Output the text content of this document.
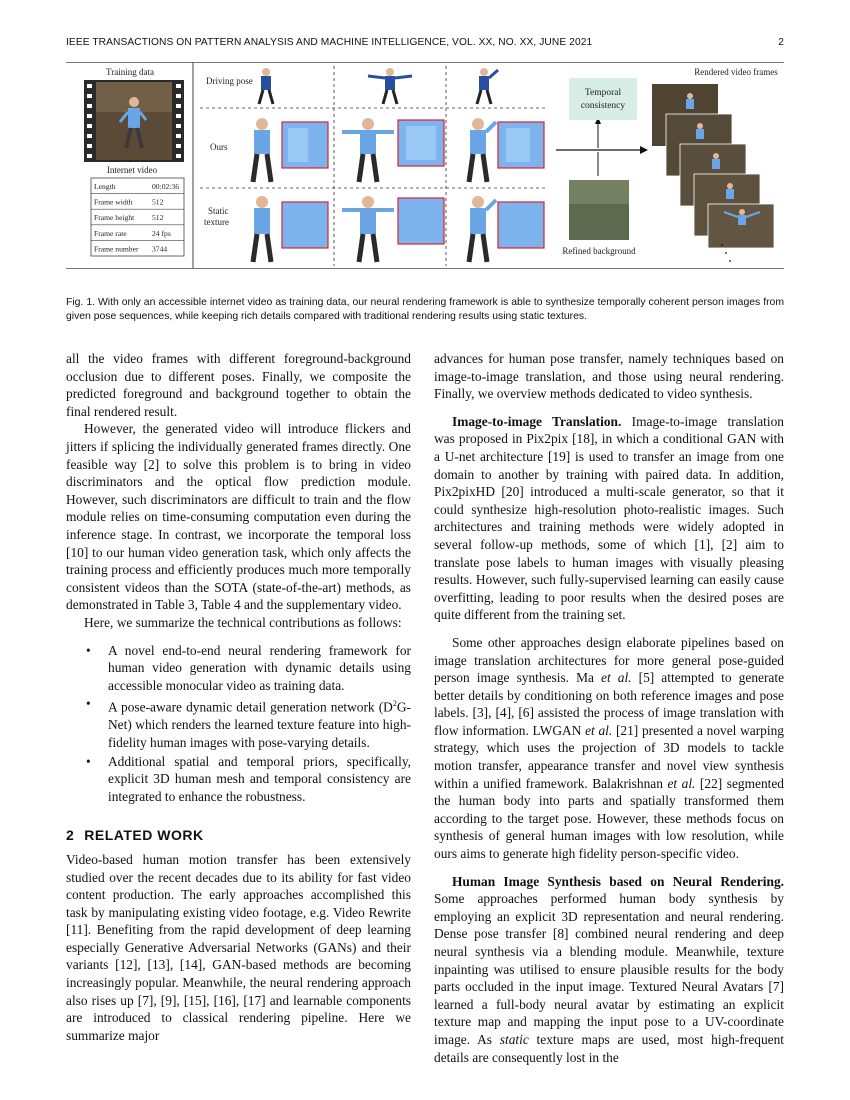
IEEE TRANSACTIONS ON PATTERN ANALYSIS AND MACHINE INTELLIGENCE, VOL. XX, NO. XX, JUNE 2021	2
Training data
Internet video
Length	00:02:36
Frame width	512
Frame height 512
Frame rate	24 fps
Frame number 3744
Driving pose
Ours
Static
texture
Temporal
consistency
Refined background
Rendered video frames
Fig. 1. With only an accessible internet video as training data, our neural rendering framework is able to synthesize temporally coherent person images from given pose sequences, while keeping rich details compared with traditional rendering results using static textures.

all the video frames with different foreground-background occlusion due to different poses. Finally, we composite the predicted foreground and background together to obtain the final rendered result.

However, the generated video will introduce flickers and jitters if splicing the individually generated frames directly. One feasible way [2] to solve this problem is to bring in video discriminators and the optical flow prediction module. However, such discriminators are difficult to train and the flow module relies on time-consuming computation even during the inference stage. In contrast, we incorporate the temporal loss [10] to our human video generation task, which only affects the training process and efficiently produces much more temporally consistent videos than the SOTA (state-of-the-art) methods, as demonstrated in Table 3, Table 4 and the supplementary video.

Here, we summarize the technical contributions as follows:

• A novel end-to-end neural rendering framework for human video generation with dynamic details using accessible monocular video as training data.
• A pose-aware dynamic detail generation network $(D^2G-Net)$ which renders the learned texture feature into high-fidelity human images with pose-varying details.
• Additional spatial and temporal priors, specifically, explicit 3D human mesh and temporal consistency are integrated to enhance the robustness.
2 RELATED WORK

Video-based human motion transfer has been extensively studied over the recent decades due to its ability for fast video content production. The early approaches accomplished this task by manipulating existing video footage, e.g. Video Rewrite [11]. Benefiting from the rapid development of deep learning especially Generative Adversarial Networks (GANs) and their variants [12], [13], [14], GAN-based methods are becoming increasingly popular. Meanwhile, the neural rendering approach also rises up [7], [9], [15], [16], [17] and learnable components are introduced to classical rendering pipeline. Here we summarize major

advances for human pose transfer, namely techniques based on image-to-image translation, and those using neural rendering. Finally, we overview methods dedicated to video synthesis.

Image-to-image Translation. Image-to-image translation was proposed in Pix2pix [18], in which a conditional GAN with a U-net architecture [19] is used to transfer an image from one domain to another by training with paired data. In addition, Pix2pixHD [20] introduced a multi-scale generator, so that it could synthesize high-resolution photo-realistic images. Such architectures and training methods were widely adopted in several follow-up methods, some of which [1], [2] aim to translate pose labels to human images with visually pleasing results. However, such fully-supervised learning can easily cause overfitting, leading to poor results when the desired poses are quite different from the training set.

Some other approaches design elaborate pipelines based on image translation architectures for more general pose-guided person image synthesis. Ma et al. [5] attempted to generate better details by conditioning on both reference images and pose labels. [3], [4], [6] assisted the process of image translation with flow information. LWGAN et al. [21] presented a novel warping strategy, which uses the projection of 3D models to tackle motion transfer, appearance transfer and novel view synthesis within a unified framework. Balakrishnan et al. [22] segmented the human body into parts and spatially transformed them according to the target pose. However, these methods focus on synthesis of general human images with low resolution, while ours aims to generate high fidelity person-specific video.

Human Image Synthesis based on Neural Rendering. Some approaches performed human body synthesis by employing an explicit 3D representation and neural rendering. Dense pose transfer [8] combined neural rendering and deep neural synthesis via a blending module. Meanwhile, texture inpainting was utilised to ensure plausible results for the body parts occluded in the input image. Textured Neural Avatars [7] learned a full-body neural avatar by estimating an explicit texture map and mapping the input pose to a UV-coordinate image. As static texture maps are used, most high-frequent details are consequently lost in the
